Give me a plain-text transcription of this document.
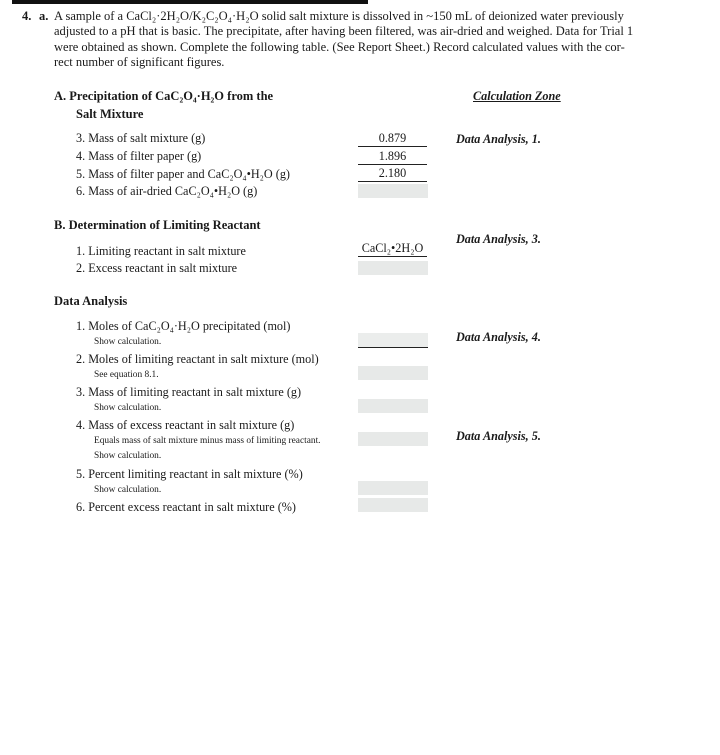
4. a. A sample of a CaCl₂·2H₂O/K₂C₂O₄·H₂O solid salt mixture is dissolved in ~150 mL of deionized water previously
adjusted to a pH that is basic. The precipitate, after having been filtered, was air-dried and weighed. Data for Trial 1
were obtained as shown. Complete the following table. (See Report Sheet.) Record calculated values with the cor-
rect number of significant figures.
Calculation Zone
A. Precipitation of CaC₂O₄·H₂O from the
Salt Mixture
3. Mass of salt mixture (g)
4. Mass of filter paper (g)
5. Mass of filter paper and CaC₂O₄•H₂O (g)
6. Mass of air-dried CaC₂O₄•H₂O (g)
0.879
1.896
2.180
Data Analysis, 1.
B. Determination of Limiting Reactant
1. Limiting reactant in salt mixture
2. Excess reactant in salt mixture
CaCl₂•2H₂O
Data Analysis, 3.
Data Analysis
1. Moles of CaC₂O₄·H₂O precipitated (mol)
Show calculation.
2. Moles of limiting reactant in salt mixture (mol)
See equation 8.1.
3. Mass of limiting reactant in salt mixture (g)
Show calculation.
4. Mass of excess reactant in salt mixture (g)
Equals mass of salt mixture minus mass of limiting reactant.
Show calculation.
5. Percent limiting reactant in salt mixture (%)
Show calculation.
6. Percent excess reactant in salt mixture (%)
Data Analysis, 4.
Data Analysis, 5.
